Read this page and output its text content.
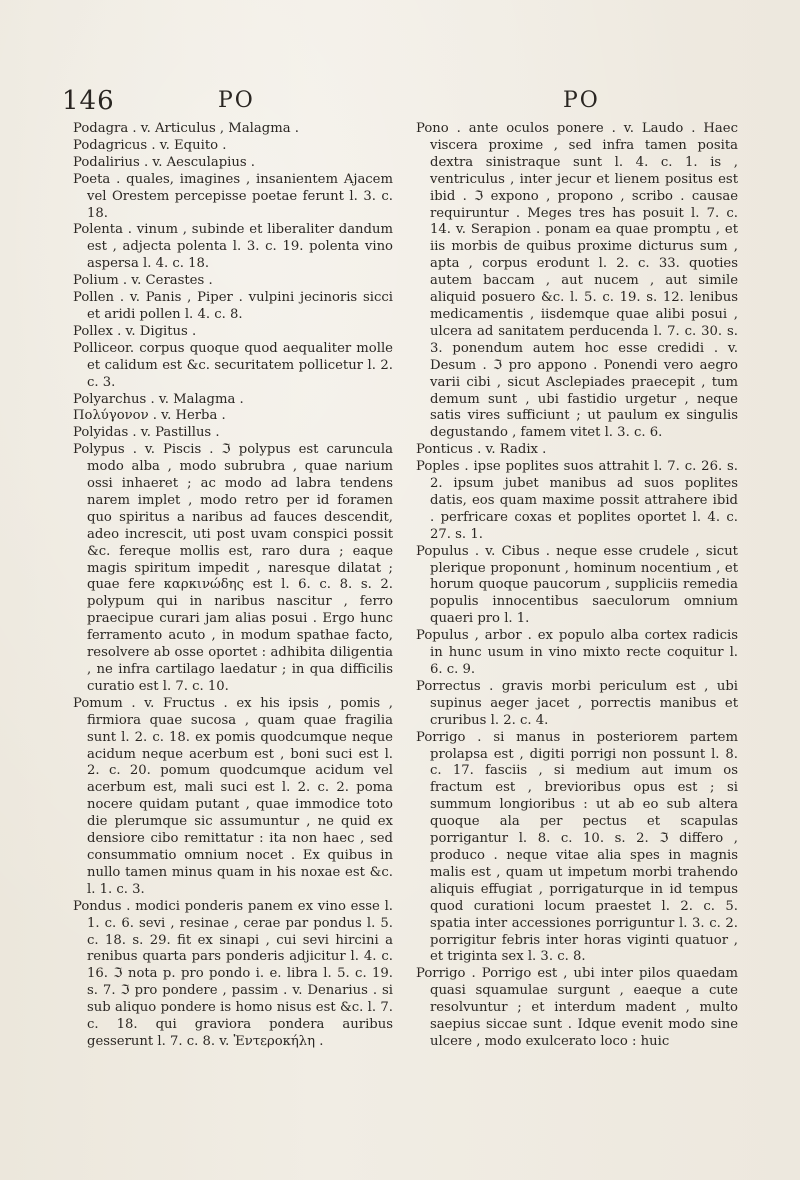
146	PO	PO

Podagra . v. Articulus , Malagma .

Podagricus . v. Equito .

Podalirius . v. Aesculapius .

Poeta . quales, imagines , insanientem Ajacem vel Orestem percepisse poetae ferunt l. 3. c. 18.

Polenta . vinum , subinde et liberaliter dandum est , adjecta polenta l. 3. c. 19. polenta vino aspersa l. 4. c. 18.

Polium . v. Cerastes .

Pollen . v. Panis , Piper . vulpini jecinoris sicci et aridi pollen l. 4. c. 8.

Pollex . v. Digitus .

Polliceor. corpus quoque quod aequaliter molle et calidum est &c. securitatem pollicetur l. 2. c. 3.

Polyarchus . v. Malagma .

Πολύγονον . v. Herba .

Polyidas . v. Pastillus .

Polypus . v. Piscis . ℑ polypus est caruncula modo alba , modo subrubra , quae narium ossi inhaeret ; ac modo ad labra tendens narem implet , modo retro per id foramen quo spiritus a naribus ad fauces descendit, adeo increscit, uti post uvam conspici possit &c. fereque mollis est, raro dura ; eaque magis spiritum impedit , naresque dilatat ; quae fere καρκινώδης est l. 6. c. 8. s. 2. polypum qui in naribus nascitur , ferro praecipue curari jam alias posui . Ergo hunc ferramento acuto , in modum spathae facto, resolvere ab osse oportet : adhibita diligentia , ne infra cartilago laedatur ; in qua difficilis curatio est l. 7. c. 10.

Pomum . v. Fructus . ex his ipsis , pomis , firmiora quae sucosa , quam quae fragilia sunt l. 2. c. 18. ex pomis quodcumque neque acidum neque acerbum est , boni suci est l. 2. c. 20. pomum quodcumque acidum vel acerbum est, mali suci est l. 2. c. 2. poma nocere quidam putant , quae immodice toto die plerumque sic assumuntur , ne quid ex densiore cibo remittatur : ita non haec , sed consummatio omnium nocet . Ex quibus in nullo tamen minus quam in his noxae est &c. l. 1. c. 3.

Pondus . modici ponderis panem ex vino esse l. 1. c. 6. sevi , resinae , cerae par pondus l. 5. c. 18. s. 29. fit ex sinapi , cui sevi hircini a renibus quarta pars ponderis adjicitur l. 4. c. 16. ℑ nota p. pro pondo i. e. libra l. 5. c. 19. s. 7. ℑ pro pondere , passim . v. Denarius . si sub aliquo pondere is homo nisus est &c. l. 7. c. 18. qui graviora pondera auribus gesserunt l. 7. c. 8. v. Ἐντεροκήλη .

Pono . ante oculos ponere . v. Laudo . Haec viscera proxime , sed infra tamen posita dextra sinistraque sunt l. 4. c. 1. is , ventriculus , inter jecur et lienem positus est ibid . ℑ expono , propono , scribo . causae requiruntur . Meges tres has posuit l. 7. c. 14. v. Serapion . ponam ea quae promptu , et iis morbis de quibus proxime dicturus sum , apta , corpus erodunt l. 2. c. 33. quoties autem baccam , aut nucem , aut simile aliquid posuero &c. l. 5. c. 19. s. 12. lenibus medicamentis , iisdemque quae alibi posui , ulcera ad sanitatem perducenda l. 7. c. 30. s. 3. ponendum autem hoc esse credidi . v. Desum . ℑ pro appono . Ponendi vero aegro varii cibi , sicut Asclepiades praecepit , tum demum sunt , ubi fastidio urgetur , neque satis vires sufficiunt ; ut paulum ex singulis degustando , famem vitet l. 3. c. 6.

Ponticus . v. Radix .

Poples . ipse poplites suos attrahit l. 7. c. 26. s. 2. ipsum jubet manibus ad suos poplites datis, eos quam maxime possit attrahere ibid . perfricare coxas et poplites oportet l. 4. c. 27. s. 1.

Populus . v. Cibus . neque esse crudele , sicut plerique proponunt , hominum nocentium , et horum quoque paucorum , suppliciis remedia populis innocentibus saeculorum omnium quaeri pro l. 1.

Populus , arbor . ex populo alba cortex radicis in hunc usum in vino mixto recte coquitur l. 6. c. 9.

Porrectus . gravis morbi periculum est , ubi supinus aeger jacet , porrectis manibus et cruribus l. 2. c. 4.

Porrigo . si manus in posteriorem partem prolapsa est , digiti porrigi non possunt l. 8. c. 17. fasciis , si medium aut imum os fractum est , brevioribus opus est ; si summum longioribus : ut ab eo sub altera quoque ala per pectus et scapulas porrigantur l. 8. c. 10. s. 2. ℑ differo , produco . neque vitae alia spes in magnis malis est , quam ut impetum morbi trahendo aliquis effugiat , porrigaturque in id tempus quod curationi locum praestet l. 2. c. 5. spatia inter accessiones porriguntur l. 3. c. 2. porrigitur febris inter horas viginti quatuor , et triginta sex l. 3. c. 8.

Porrigo . Porrigo est , ubi inter pilos quaedam quasi squamulae surgunt , eaeque a cute resolvuntur ; et interdum madent , multo saepius siccae sunt . Idque evenit modo sine ulcere , modo exulcerato loco : huic
